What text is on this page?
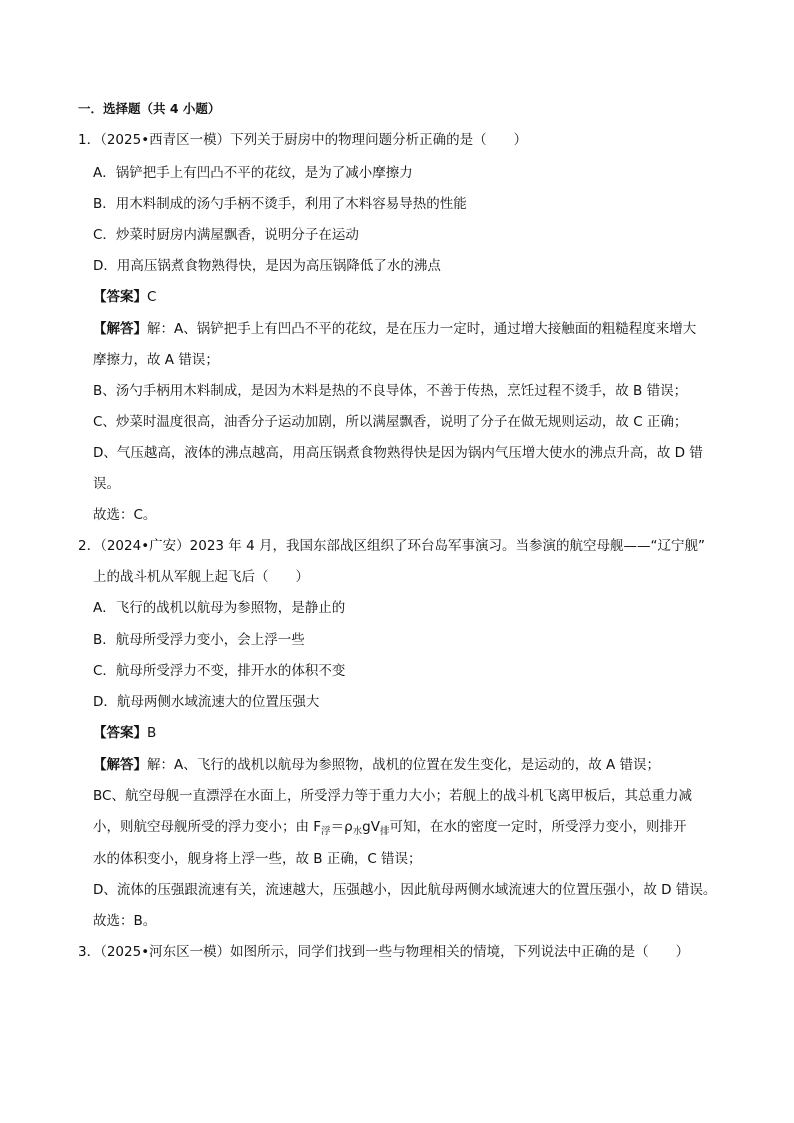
一．选择题（共 4 小题）
1．（2025•西青区一模）下列关于厨房中的物理问题分析正确的是（　　）
A．锅铲把手上有凹凸不平的花纹，是为了减小摩擦力
B．用木料制成的汤勺手柄不烫手，利用了木料容易导热的性能
C．炒菜时厨房内满屋飘香，说明分子在运动
D．用高压锅煮食物熟得快，是因为高压锅降低了水的沸点
【答案】C
【解答】解：A、锅铲把手上有凹凸不平的花纹，是在压力一定时，通过增大接触面的粗糙程度来增大
摩擦力，故 A 错误；
B、汤勺手柄用木料制成，是因为木料是热的不良导体，不善于传热，烹饪过程不烫手，故 B 错误；
C、炒菜时温度很高，油香分子运动加剧，所以满屋飘香，说明了分子在做无规则运动，故 C 正确；
D、气压越高，液体的沸点越高，用高压锅煮食物熟得快是因为锅内气压增大使水的沸点升高，故 D 错
误。
故选：C。
2．（2024•广安）2023 年 4 月，我国东部战区组织了环台岛军事演习。当参演的航空母舰——“辽宁舰”
上的战斗机从军舰上起飞后（　　）
A．飞行的战机以航母为参照物，是静止的
B．航母所受浮力变小，会上浮一些
C．航母所受浮力不变，排开水的体积不变
D．航母两侧水域流速大的位置压强大
【答案】B
【解答】解：A、飞行的战机以航母为参照物，战机的位置在发生变化，是运动的，故 A 错误；
BC、航空母舰一直漂浮在水面上，所受浮力等于重力大小；若舰上的战斗机飞离甲板后，其总重力减
小，则航空母舰所受的浮力变小；由 $F_浮=\rho_水gV_排$可知，在水的密度一定时，所受浮力变小，则排开
水的体积变小，舰身将上浮一些，故 B 正确，C 错误；
D、流体的压强跟流速有关，流速越大，压强越小，因此航母两侧水域流速大的位置压强小，故 D 错误。
故选：B。
3．（2025•河东区一模）如图所示，同学们找到一些与物理相关的情境，下列说法中正确的是（　　）
